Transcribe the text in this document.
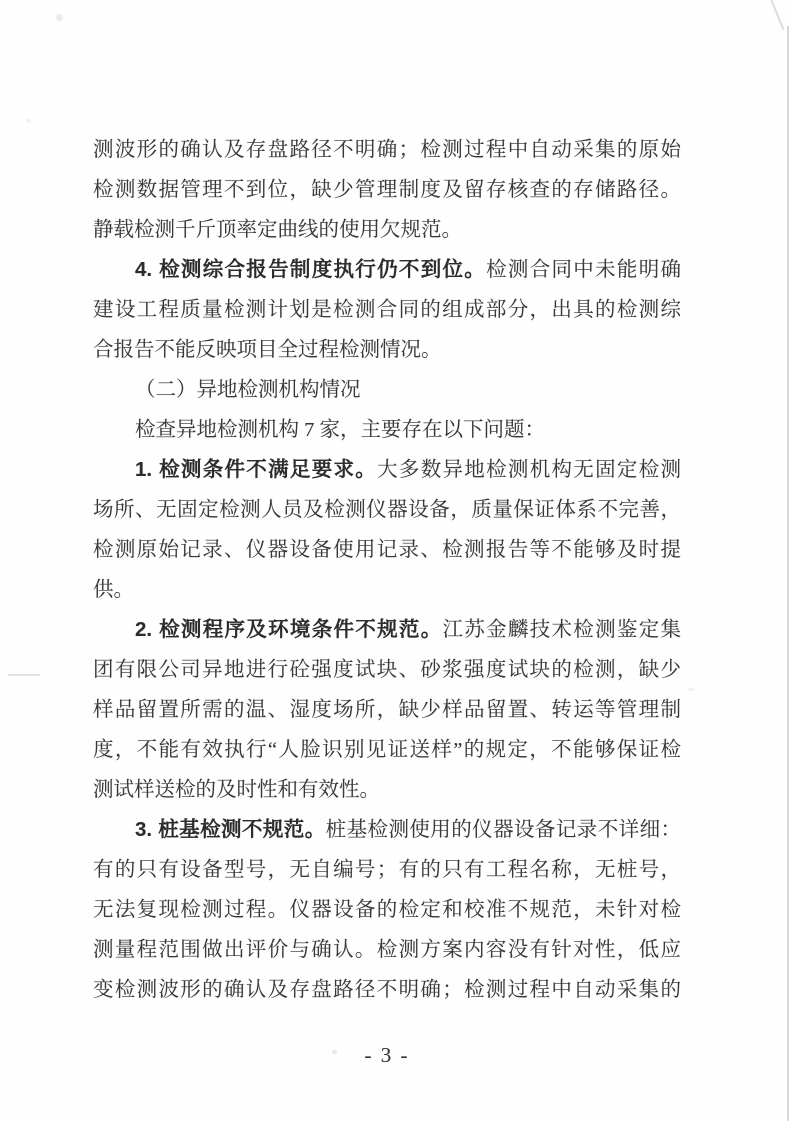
测波形的确认及存盘路径不明确；检测过程中自动采集的原始
检测数据管理不到位，缺少管理制度及留存核查的存储路径。
静载检测千斤顶率定曲线的使用欠规范。
4. 检测综合报告制度执行仍不到位。检测合同中未能明确
建设工程质量检测计划是检测合同的组成部分，出具的检测综
合报告不能反映项目全过程检测情况。
（二）异地检测机构情况
检查异地检测机构 7 家，主要存在以下问题：
1. 检测条件不满足要求。大多数异地检测机构无固定检测
场所、无固定检测人员及检测仪器设备，质量保证体系不完善，
检测原始记录、仪器设备使用记录、检测报告等不能够及时提
供。
2. 检测程序及环境条件不规范。江苏金麟技术检测鉴定集
团有限公司异地进行砼强度试块、砂浆强度试块的检测，缺少
样品留置所需的温、湿度场所，缺少样品留置、转运等管理制
度，不能有效执行“人脸识别见证送样”的规定，不能够保证检
测试样送检的及时性和有效性。
3. 桩基检测不规范。桩基检测使用的仪器设备记录不详细：
有的只有设备型号，无自编号；有的只有工程名称，无桩号，
无法复现检测过程。仪器设备的检定和校准不规范，未针对检
测量程范围做出评价与确认。检测方案内容没有针对性，低应
变检测波形的确认及存盘路径不明确；检测过程中自动采集的
- 3 -
